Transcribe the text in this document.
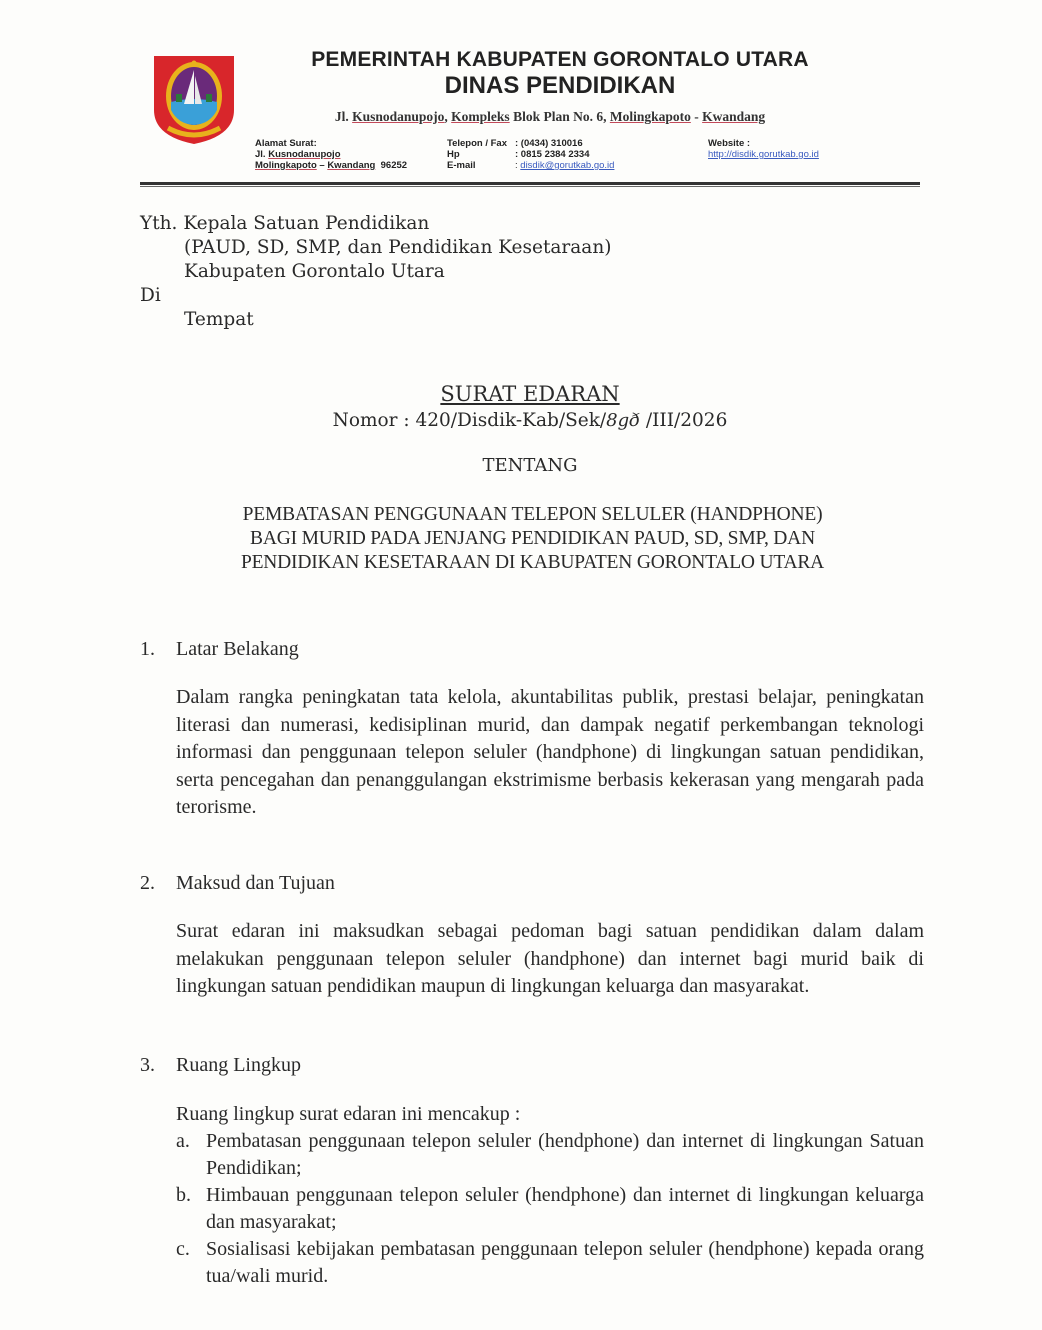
PEMERINTAH KABUPATEN GORONTALO UTARA
DINAS PENDIDIKAN
Jl. Kusnodanupojo, Kompleks Blok Plan No. 6, Molingkapoto - Kwandang
Alamat Surat:
Jl. Kusnodanupojo
Molingkapoto – Kwandang  96252
Telepon / Fax : (0434) 310016
Hp	: 0815 2384 2334
E-mail	: disdik@gorutkab.go.id
Website :
http://disdik.gorutkab.go.id
Yth. Kepala Satuan Pendidikan
(PAUD, SD, SMP, dan Pendidikan Kesetaraan)
Kabupaten Gorontalo Utara
Di
Tempat
SURAT EDARAN
Nomor : 420/Disdik-Kab/Sek/8gð /III/2026
TENTANG
PEMBATASAN PENGGUNAAN TELEPON SELULER (HANDPHONE)
BAGI MURID PADA JENJANG PENDIDIKAN PAUD, SD, SMP, DAN
PENDIDIKAN KESETARAAN DI KABUPATEN GORONTALO UTARA
1. Latar Belakang
Dalam rangka peningkatan tata kelola, akuntabilitas publik, prestasi belajar, peningkatan literasi dan numerasi, kedisiplinan murid, dan dampak negatif perkembangan teknologi informasi dan penggunaan telepon seluler (handphone) di lingkungan satuan pendidikan, serta pencegahan dan penanggulangan ekstrimisme berbasis kekerasan yang mengarah pada terorisme.
2. Maksud dan Tujuan
Surat edaran ini maksudkan sebagai pedoman bagi satuan pendidikan dalam dalam melakukan penggunaan telepon seluler (handphone) dan internet bagi murid baik di lingkungan satuan pendidikan maupun di lingkungan keluarga dan masyarakat.
3. Ruang Lingkup
Ruang lingkup surat edaran ini mencakup :
a. Pembatasan penggunaan telepon seluler (hendphone) dan internet di lingkungan Satuan Pendidikan;
b. Himbauan penggunaan telepon seluler (hendphone) dan internet di lingkungan keluarga dan masyarakat;
c. Sosialisasi kebijakan pembatasan penggunaan telepon seluler (hendphone) kepada orang tua/wali murid.
